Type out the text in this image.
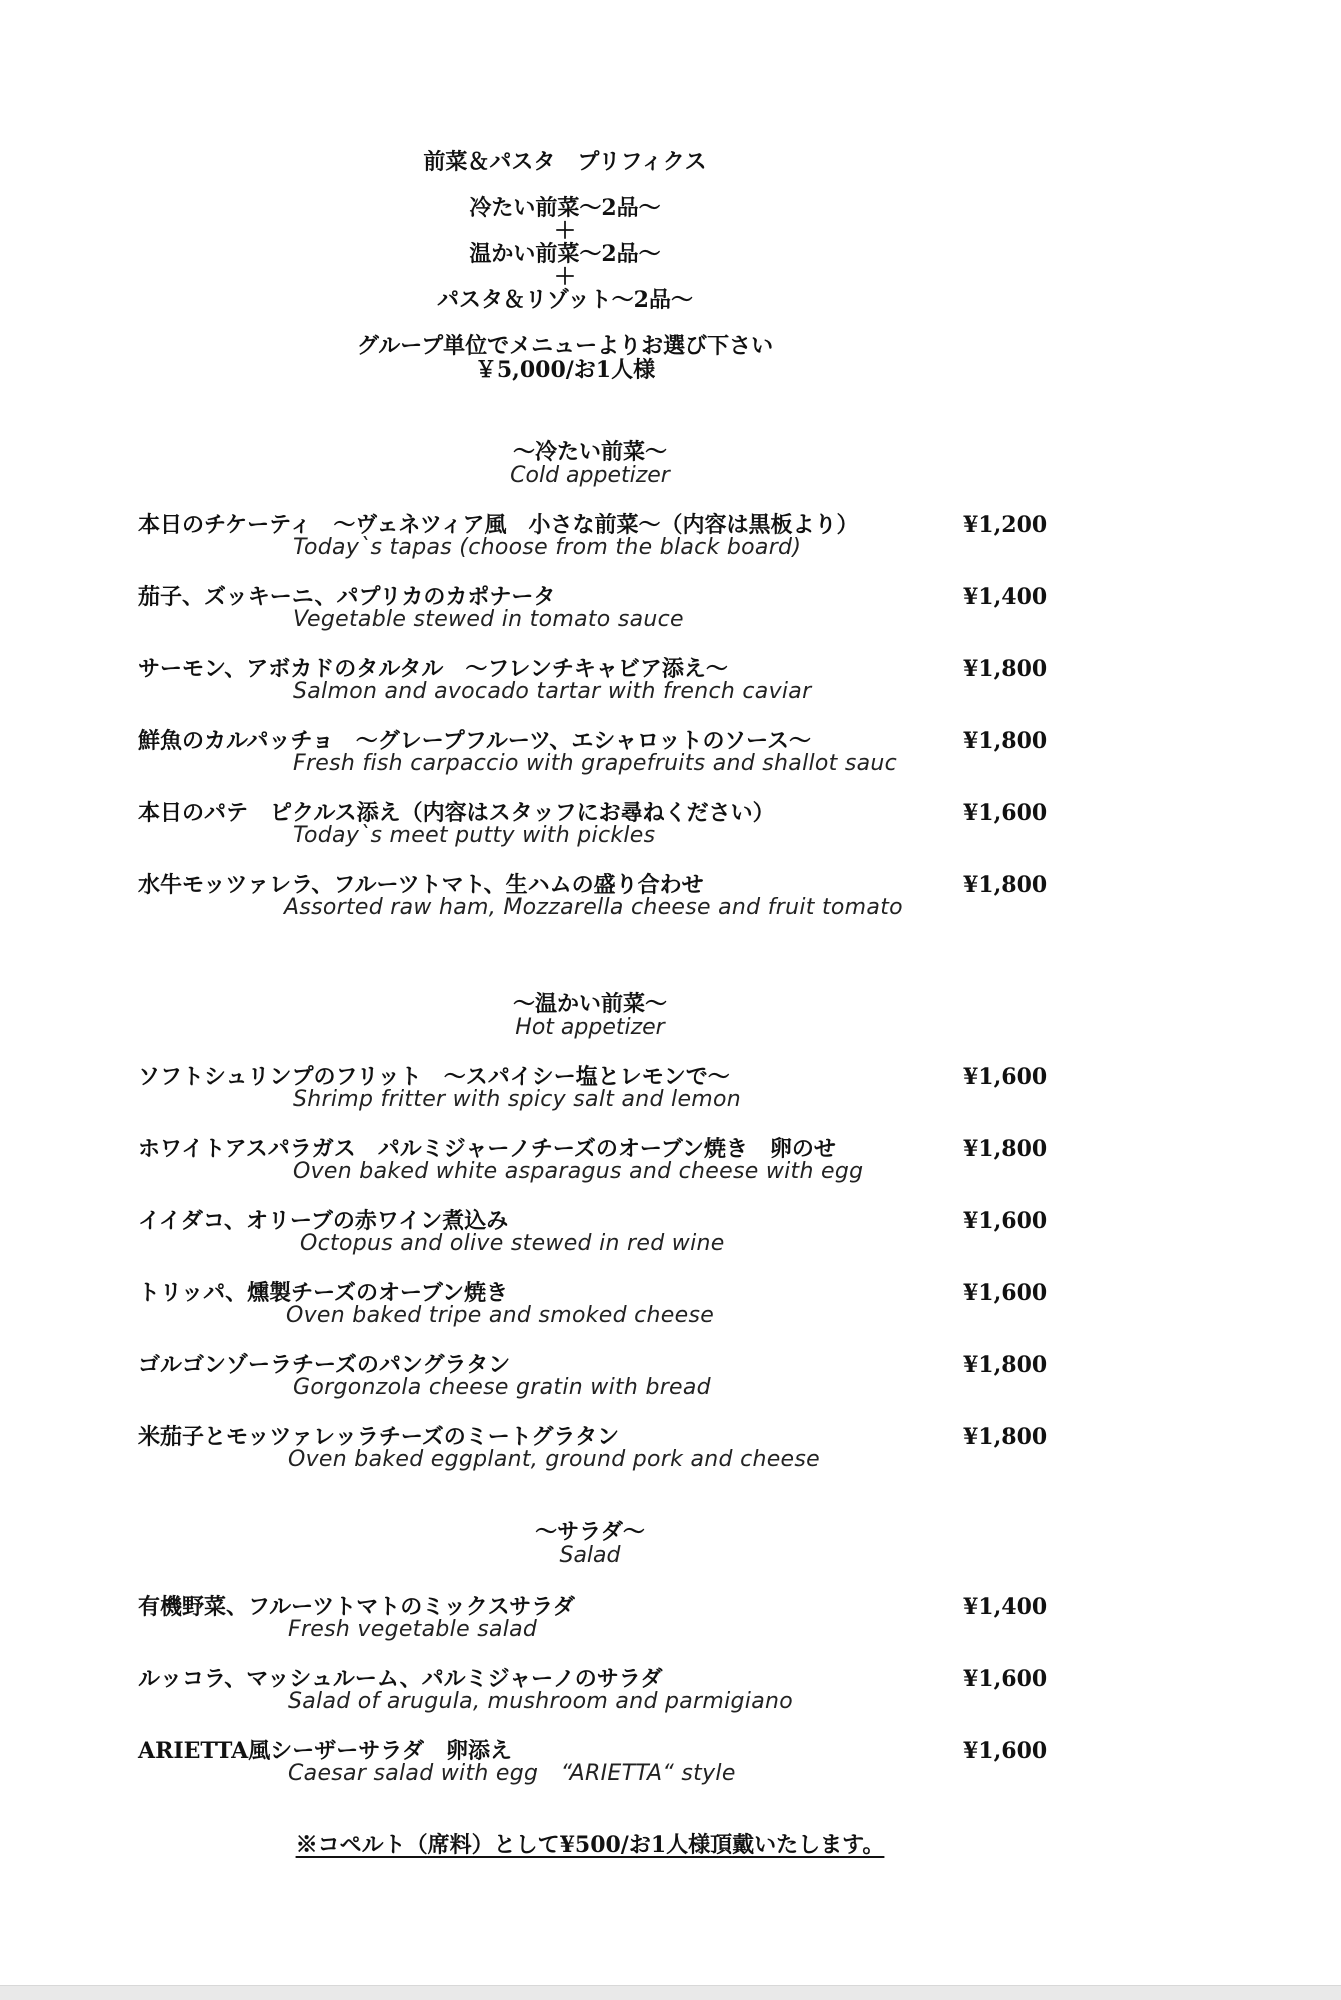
前菜＆パスタ　プリフィクス
冷たい前菜～2品～
＋
温かい前菜～2品～
＋
パスタ＆リゾット～2品～
グループ単位でメニューよりお選び下さい
￥5,000/お1人様
～冷たい前菜～
Cold appetizer
本日のチケーティ　～ヴェネツィア風　小さな前菜～（内容は黒板より）
Today`s tapas (choose from the black board)
¥1,200
茄子、ズッキーニ、パプリカのカポナータ
Vegetable stewed in tomato sauce
¥1,400
サーモン、アボカドのタルタル　～フレンチキャビア添え～
Salmon and avocado tartar with french caviar
¥1,800
鮮魚のカルパッチョ　～グレープフルーツ、エシャロットのソース～
Fresh fish carpaccio with grapefruits and shallot sauc
¥1,800
本日のパテ　ピクルス添え（内容はスタッフにお尋ねください）
Today`s meet putty with pickles
¥1,600
水牛モッツァレラ、フルーツトマト、生ハムの盛り合わせ
Assorted raw ham, Mozzarella cheese and fruit tomato
¥1,800
～温かい前菜～
Hot appetizer
ソフトシュリンプのフリット　～スパイシー塩とレモンで～
Shrimp fritter with spicy salt and lemon
¥1,600
ホワイトアスパラガス　パルミジャーノチーズのオーブン焼き　卵のせ
Oven baked white asparagus and cheese with egg
¥1,800
イイダコ、オリーブの赤ワイン煮込み
Octopus and olive stewed in red wine
¥1,600
トリッパ、燻製チーズのオーブン焼き
Oven baked tripe and smoked cheese
¥1,600
ゴルゴンゾーラチーズのパングラタン
Gorgonzola cheese gratin with bread
¥1,800
米茄子とモッツァレッラチーズのミートグラタン
Oven baked eggplant, ground pork and cheese
¥1,800
～サラダ～
Salad
有機野菜、フルーツトマトのミックスサラダ
Fresh vegetable salad
¥1,400
ルッコラ、マッシュルーム、パルミジャーノのサラダ
Salad of arugula, mushroom and parmigiano
¥1,600
ARIETTA風シーザーサラダ　卵添え
Caesar salad with egg　“ARIETTA“ style
¥1,600
※コペルト（席料）として¥500/お1人様頂戴いたします。
